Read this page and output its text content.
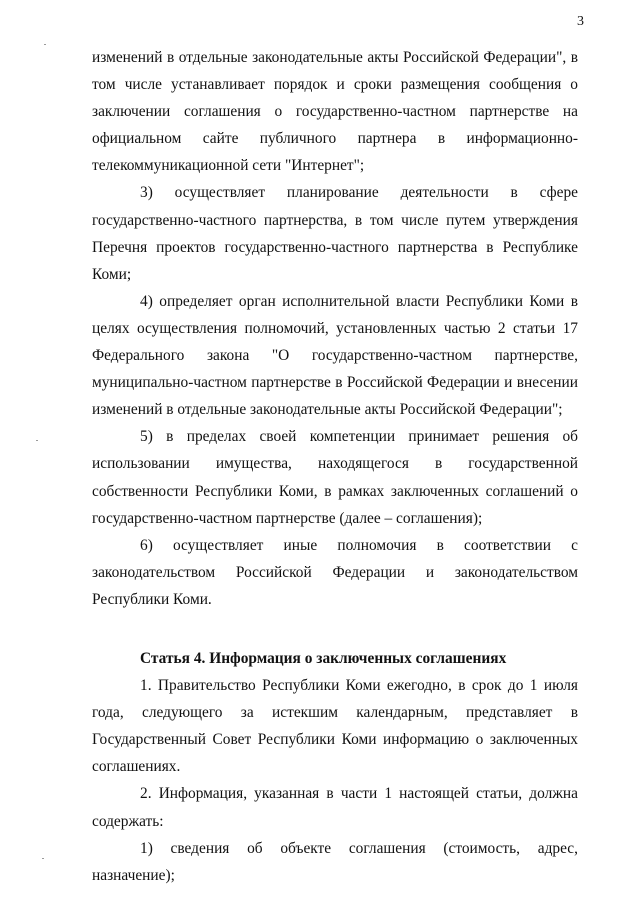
3

изменений в отдельные законодательные акты Российской Федерации", в том числе устанавливает порядок и сроки размещения сообщения о заключении соглашения о государственно-частном партнерстве на официальном сайте публичного партнера в информационно-телекоммуникационной сети "Интернет";

3) осуществляет планирование деятельности в сфере государственно-частного партнерства, в том числе путем утверждения Перечня проектов государственно-частного партнерства в Республике Коми;

4) определяет орган исполнительной власти Республики Коми в целях осуществления полномочий, установленных частью 2 статьи 17 Федерального закона "О государственно-частном партнерстве, муниципально-частном партнерстве в Российской Федерации и внесении изменений в отдельные законодательные акты Российской Федерации";

5) в пределах своей компетенции принимает решения об использовании имущества, находящегося в государственной собственности Республики Коми, в рамках заключенных соглашений о государственно-частном партнерстве (далее – соглашения);

6) осуществляет иные полномочия в соответствии с законодательством Российской Федерации и законодательством Республики Коми.

Статья 4. Информация о заключенных соглашениях

1. Правительство Республики Коми ежегодно, в срок до 1 июля года, следующего за истекшим календарным, представляет в Государственный Совет Республики Коми информацию о заключенных соглашениях.

2. Информация, указанная в части 1 настоящей статьи, должна содержать:

1) сведения об объекте соглашения (стоимость, адрес, назначение);
